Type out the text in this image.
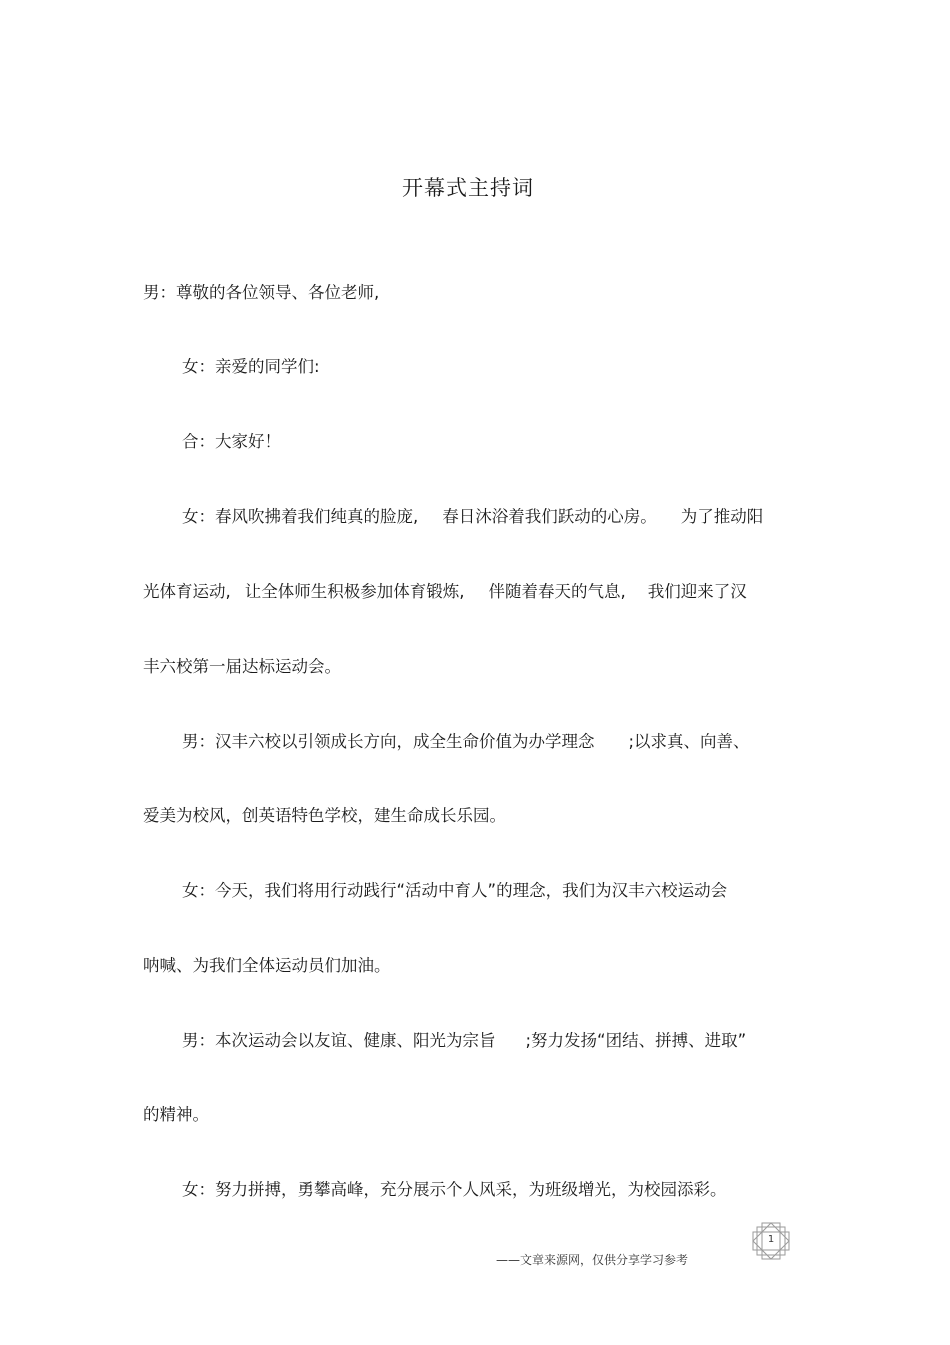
开幕式主持词
男：尊敬的各位领导、各位老师,
女：亲爱的同学们:
合：大家好！
女：春风吹拂着我们纯真的脸庞, 春日沐浴着我们跃动的心房。 为了推动阳
光体育运动, 让全体师生积极参加体育锻炼, 伴随着春天的气息, 我们迎来了汉
丰六校第一届达标运动会。
男：汉丰六校以引领成长方向，成全生命价值为办学理念 ;以求真、向善、
爱美为校风，创英语特色学校，建生命成长乐园。
女：今天，我们将用行动践行“活动中育人”的理念，我们为汉丰六校运动会
呐喊、为我们全体运动员们加油。
男：本次运动会以友谊、健康、阳光为宗旨 ;努力发扬“团结、拼搏、进取”
的精神。
女：努力拼搏，勇攀高峰，充分展示个人风采，为班级增光，为校园添彩。
1
——文章来源网，仅供分享学习参考
